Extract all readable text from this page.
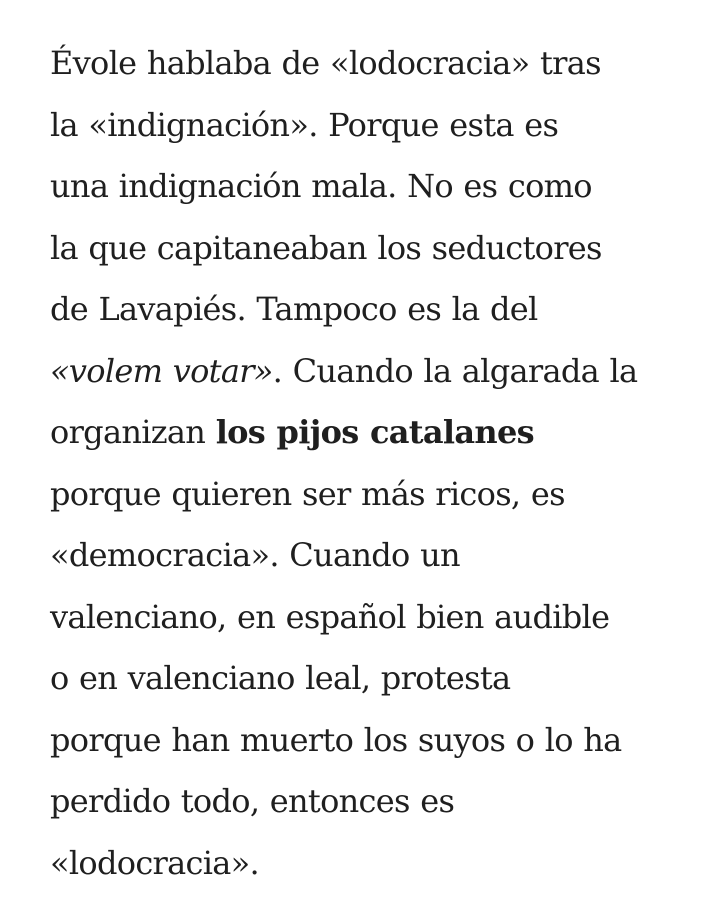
Évole hablaba de «lodocracia» tras
la «indignación». Porque esta es
una indignación mala. No es como
la que capitaneaban los seductores
de Lavapiés. Tampoco es la del
«volem votar». Cuando la algarada la
organizan los pijos catalanes
porque quieren ser más ricos, es
«democracia». Cuando un
valenciano, en español bien audible
o en valenciano leal, protesta
porque han muerto los suyos o lo ha
perdido todo, entonces es
«lodocracia».
